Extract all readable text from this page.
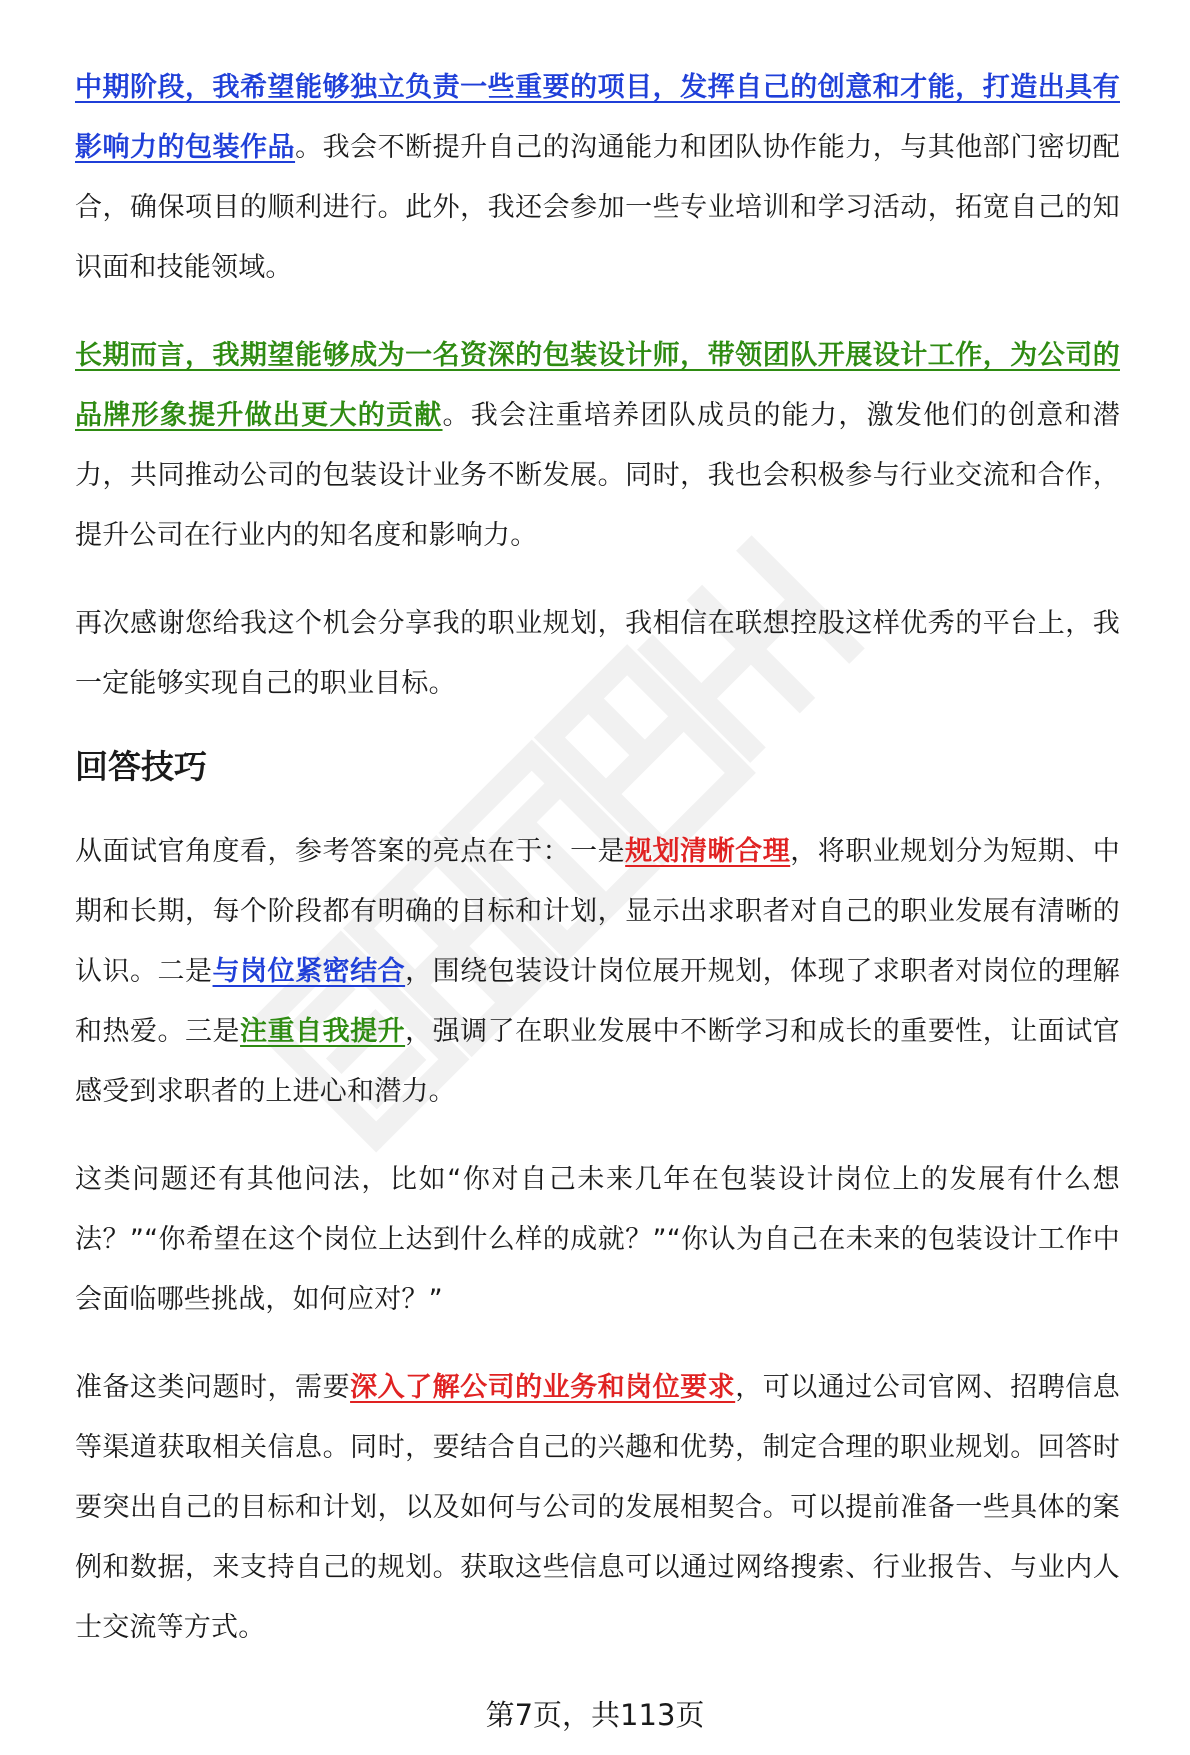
中期阶段，我希望能够独立负责一些重要的项目，发挥自己的创意和才能，打造出具有影响力的包装作品。我会不断提升自己的沟通能力和团队协作能力，与其他部门密切配合，确保项目的顺利进行。此外，我还会参加一些专业培训和学习活动，拓宽自己的知识面和技能领域。

长期而言，我期望能够成为一名资深的包装设计师，带领团队开展设计工作，为公司的品牌形象提升做出更大的贡献。我会注重培养团队成员的能力，激发他们的创意和潜力，共同推动公司的包装设计业务不断发展。同时，我也会积极参与行业交流和合作，提升公司在行业内的知名度和影响力。

再次感谢您给我这个机会分享我的职业规划，我相信在联想控股这样优秀的平台上，我一定能够实现自己的职业目标。

回答技巧

从面试官角度看，参考答案的亮点在于：一是规划清晰合理，将职业规划分为短期、中期和长期，每个阶段都有明确的目标和计划，显示出求职者对自己的职业发展有清晰的认识。二是与岗位紧密结合，围绕包装设计岗位展开规划，体现了求职者对岗位的理解和热爱。三是注重自我提升，强调了在职业发展中不断学习和成长的重要性，让面试官感受到求职者的上进心和潜力。

这类问题还有其他问法，比如“你对自己未来几年在包装设计岗位上的发展有什么想法？”“你希望在这个岗位上达到什么样的成就？”“你认为自己在未来的包装设计工作中会面临哪些挑战，如何应对？”

准备这类问题时，需要深入了解公司的业务和岗位要求，可以通过公司官网、招聘信息等渠道获取相关信息。同时，要结合自己的兴趣和优势，制定合理的职业规划。回答时要突出自己的目标和计划，以及如何与公司的发展相契合。可以提前准备一些具体的案例和数据，来支持自己的规划。获取这些信息可以通过网络搜索、行业报告、与业内人士交流等方式。

第7页，共113页
